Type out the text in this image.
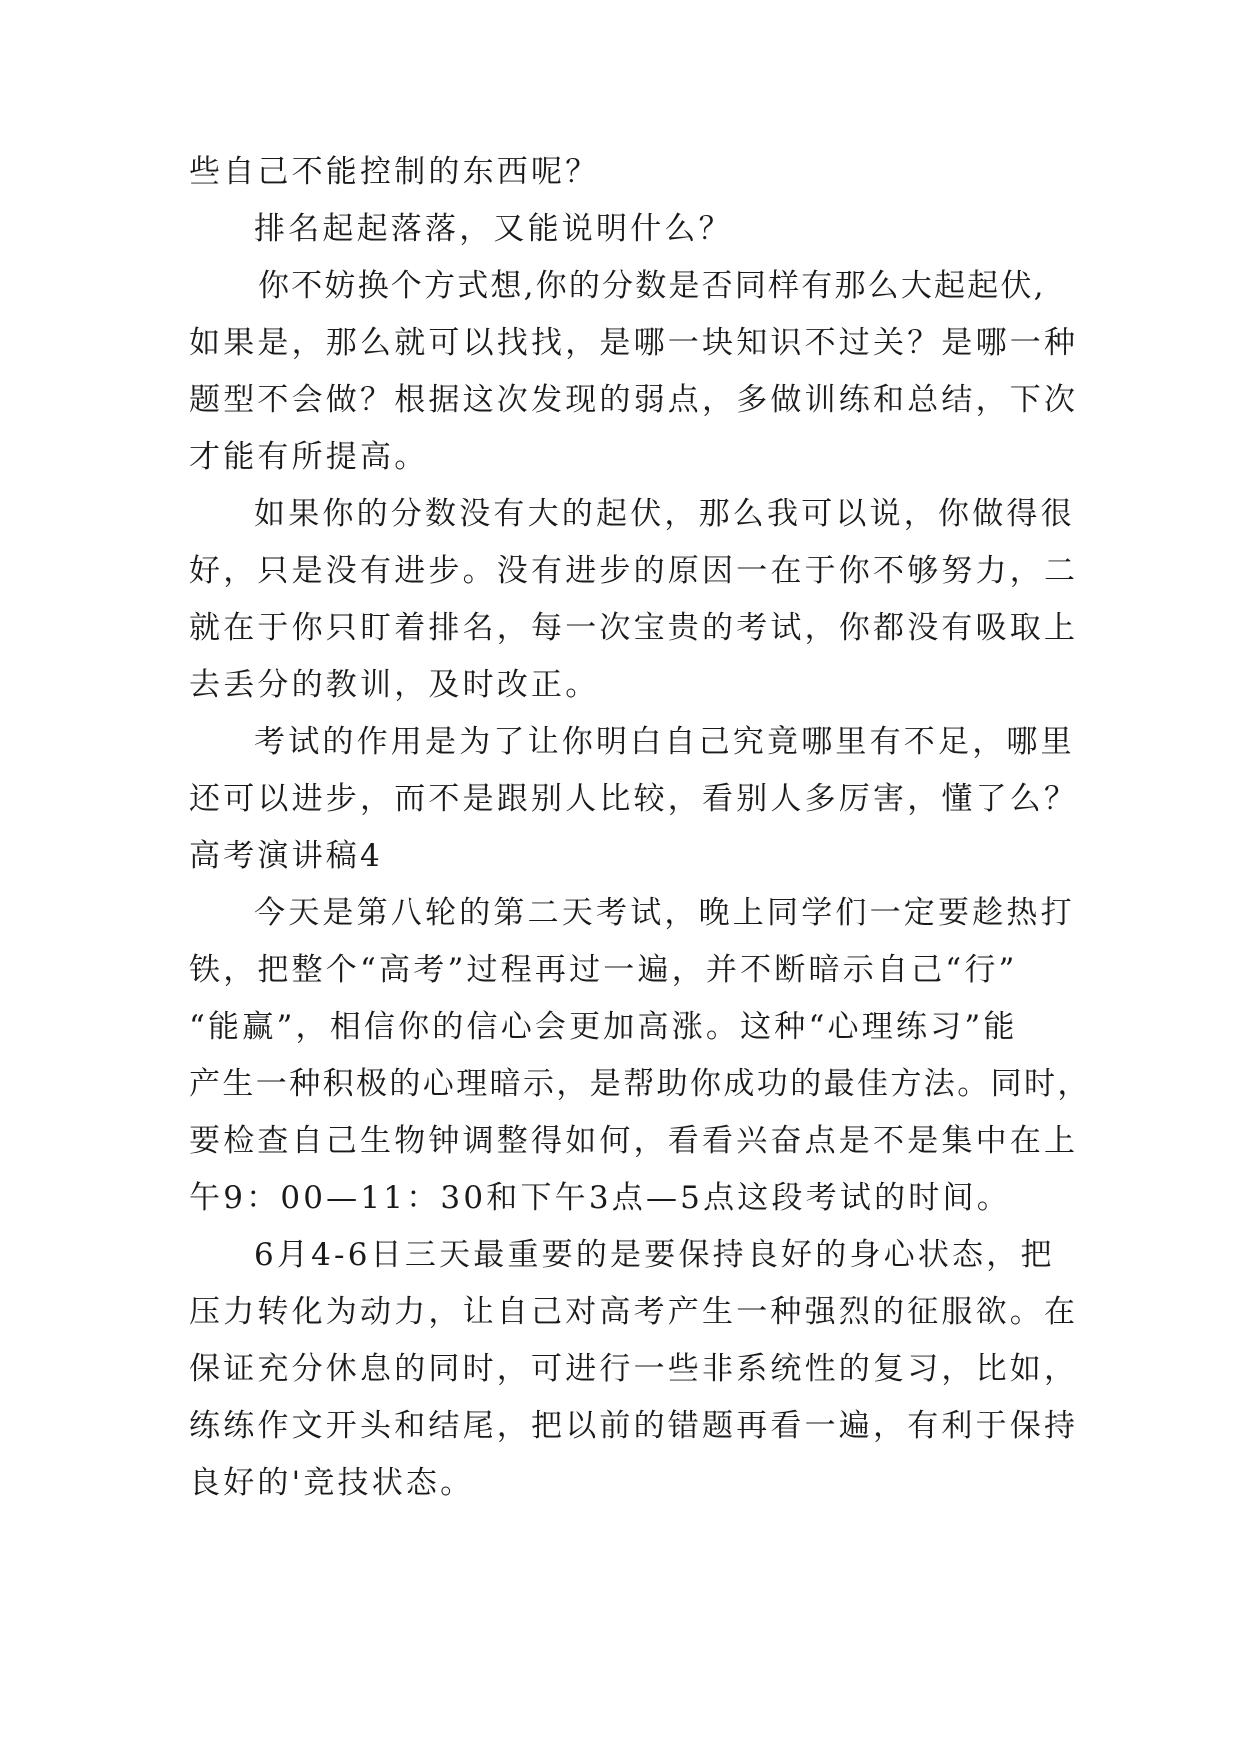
些自己不能控制的东西呢？
排名起起落落，又能说明什么？
你不妨换个方式想,你的分数是否同样有那么大起起伏,
如果是，那么就可以找找，是哪一块知识不过关？是哪一种
题型不会做？根据这次发现的弱点，多做训练和总结，下次
才能有所提高。
如果你的分数没有大的起伏，那么我可以说，你做得很
好，只是没有进步。没有进步的原因一在于你不够努力，二
就在于你只盯着排名，每一次宝贵的考试，你都没有吸取上
去丢分的教训，及时改正。
考试的作用是为了让你明白自己究竟哪里有不足，哪里
还可以进步，而不是跟别人比较，看别人多厉害，懂了么？
高考演讲稿4
今天是第八轮的第二天考试，晚上同学们一定要趁热打
铁，把整个“高考”过程再过一遍，并不断暗示自己“行”
“能赢”，相信你的信心会更加高涨。这种“心理练习”能
产生一种积极的心理暗示，是帮助你成功的最佳方法。同时，
要检查自己生物钟调整得如何，看看兴奋点是不是集中在上
午9：00—11：30和下午3点—5点这段考试的时间。
6月4-6日三天最重要的是要保持良好的身心状态，把
压力转化为动力，让自己对高考产生一种强烈的征服欲。在
保证充分休息的同时，可进行一些非系统性的复习，比如，
练练作文开头和结尾，把以前的错题再看一遍，有利于保持
良好的'竞技状态。
